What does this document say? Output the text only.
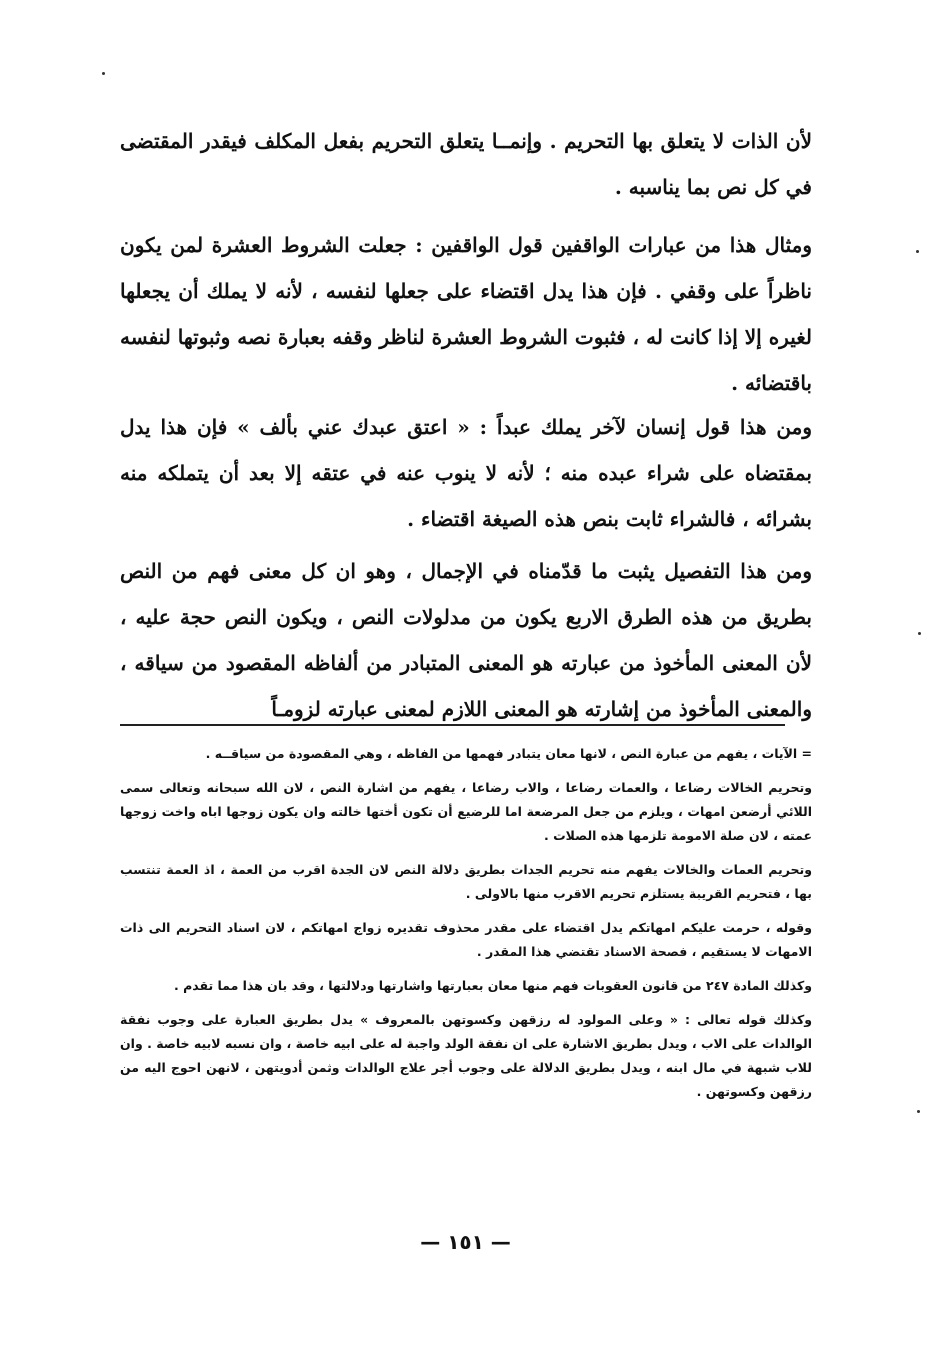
لأن الذات لا يتعلق بها التحريم . وإنمــا يتعلق التحريم بفعل المكلف فيقدر المقتضى في كل نص بما يناسبه .

ومثال هذا من عبارات الواقفين قول الواقفين : جعلت الشروط العشرة لمن يكون ناظراً على وقفي . فإن هذا يدل اقتضاء على جعلها لنفسه ، لأنه لا يملك أن يجعلها لغيره إلا إذا كانت له ، فثبوت الشروط العشرة لناظر وقفه بعبارة نصه وثبوتها لنفسه باقتضائه .

ومن هذا قول إنسان لآخر يملك عبداً : « اعتق عبدك عني بألف » فإن هذا يدل بمقتضاه على شراء عبده منه ؛ لأنه لا ينوب عنه في عتقه إلا بعد أن يتملكه منه بشرائه ، فالشراء ثابت بنص هذه الصيغة اقتضاء .

ومن هذا التفصيل يثبت ما قدّمناه في الإجمال ، وهو ان كل معنى فهم من النص بطريق من هذه الطرق الاربع يكون من مدلولات النص ، ويكون النص حجة عليه ، لأن المعنى المأخوذ من عبارته هو المعنى المتبادر من ألفاظه المقصود من سياقه ، والمعنى المأخوذ من إشارته هو المعنى اللازم لمعنى عبارته لزومـاً

= الآيات ، يفهم من عبارة النص ، لانها معان يتبادر فهمها من الفاظه ، وهي المقصودة من سياقــه .

وتحريم الخالات رضاعا ، والعمات رضاعا ، والاب رضاعا ، يفهم من اشارة النص ، لان الله سبحانه وتعالى سمى اللائي أرضعن امهات ، ويلزم من جعل المرضعة اما للرضيع أن تكون أختها خالته وان يكون زوجها اباه واخت زوجها عمته ، لان صلة الامومة تلزمها هذه الصلات .

وتحريم العمات والخالات يفهم منه تحريم الجدات بطريق دلالة النص لان الجدة اقرب من العمة ، اذ العمة تنتسب بها ، فتحريم القريبة يستلزم تحريم الاقرب منها بالاولى .

وقوله ، حرمت عليكم امهاتكم يدل اقتضاء على مقدر محذوف تقديره زواج امهاتكم ، لان اسناد التحريم الى ذات الامهات لا يستقيم ، فصحة الاسناد تقتضي هذا المقدر .

وكذلك المادة ٢٤٧ من قانون العقوبات فهم منها معان بعبارتها واشارتها ودلالتها ، وقد بان هذا مما تقدم .

وكذلك قوله تعالى : « وعلى المولود له رزقهن وكسوتهن بالمعروف » يدل بطريق العبارة على وجوب نفقة الوالدات على الاب ، ويدل بطريق الاشارة على ان نفقة الولد واجبة له على ابيه خاصة ، وان نسبه لابيه خاصة . وان للاب شبهة في مال ابنه ، ويدل بطريق الدلالة على وجوب أجر علاج الوالدات وثمن أدويتهن ، لانهن احوج اليه من رزقهن وكسوتهن .

— ١٥١ —
